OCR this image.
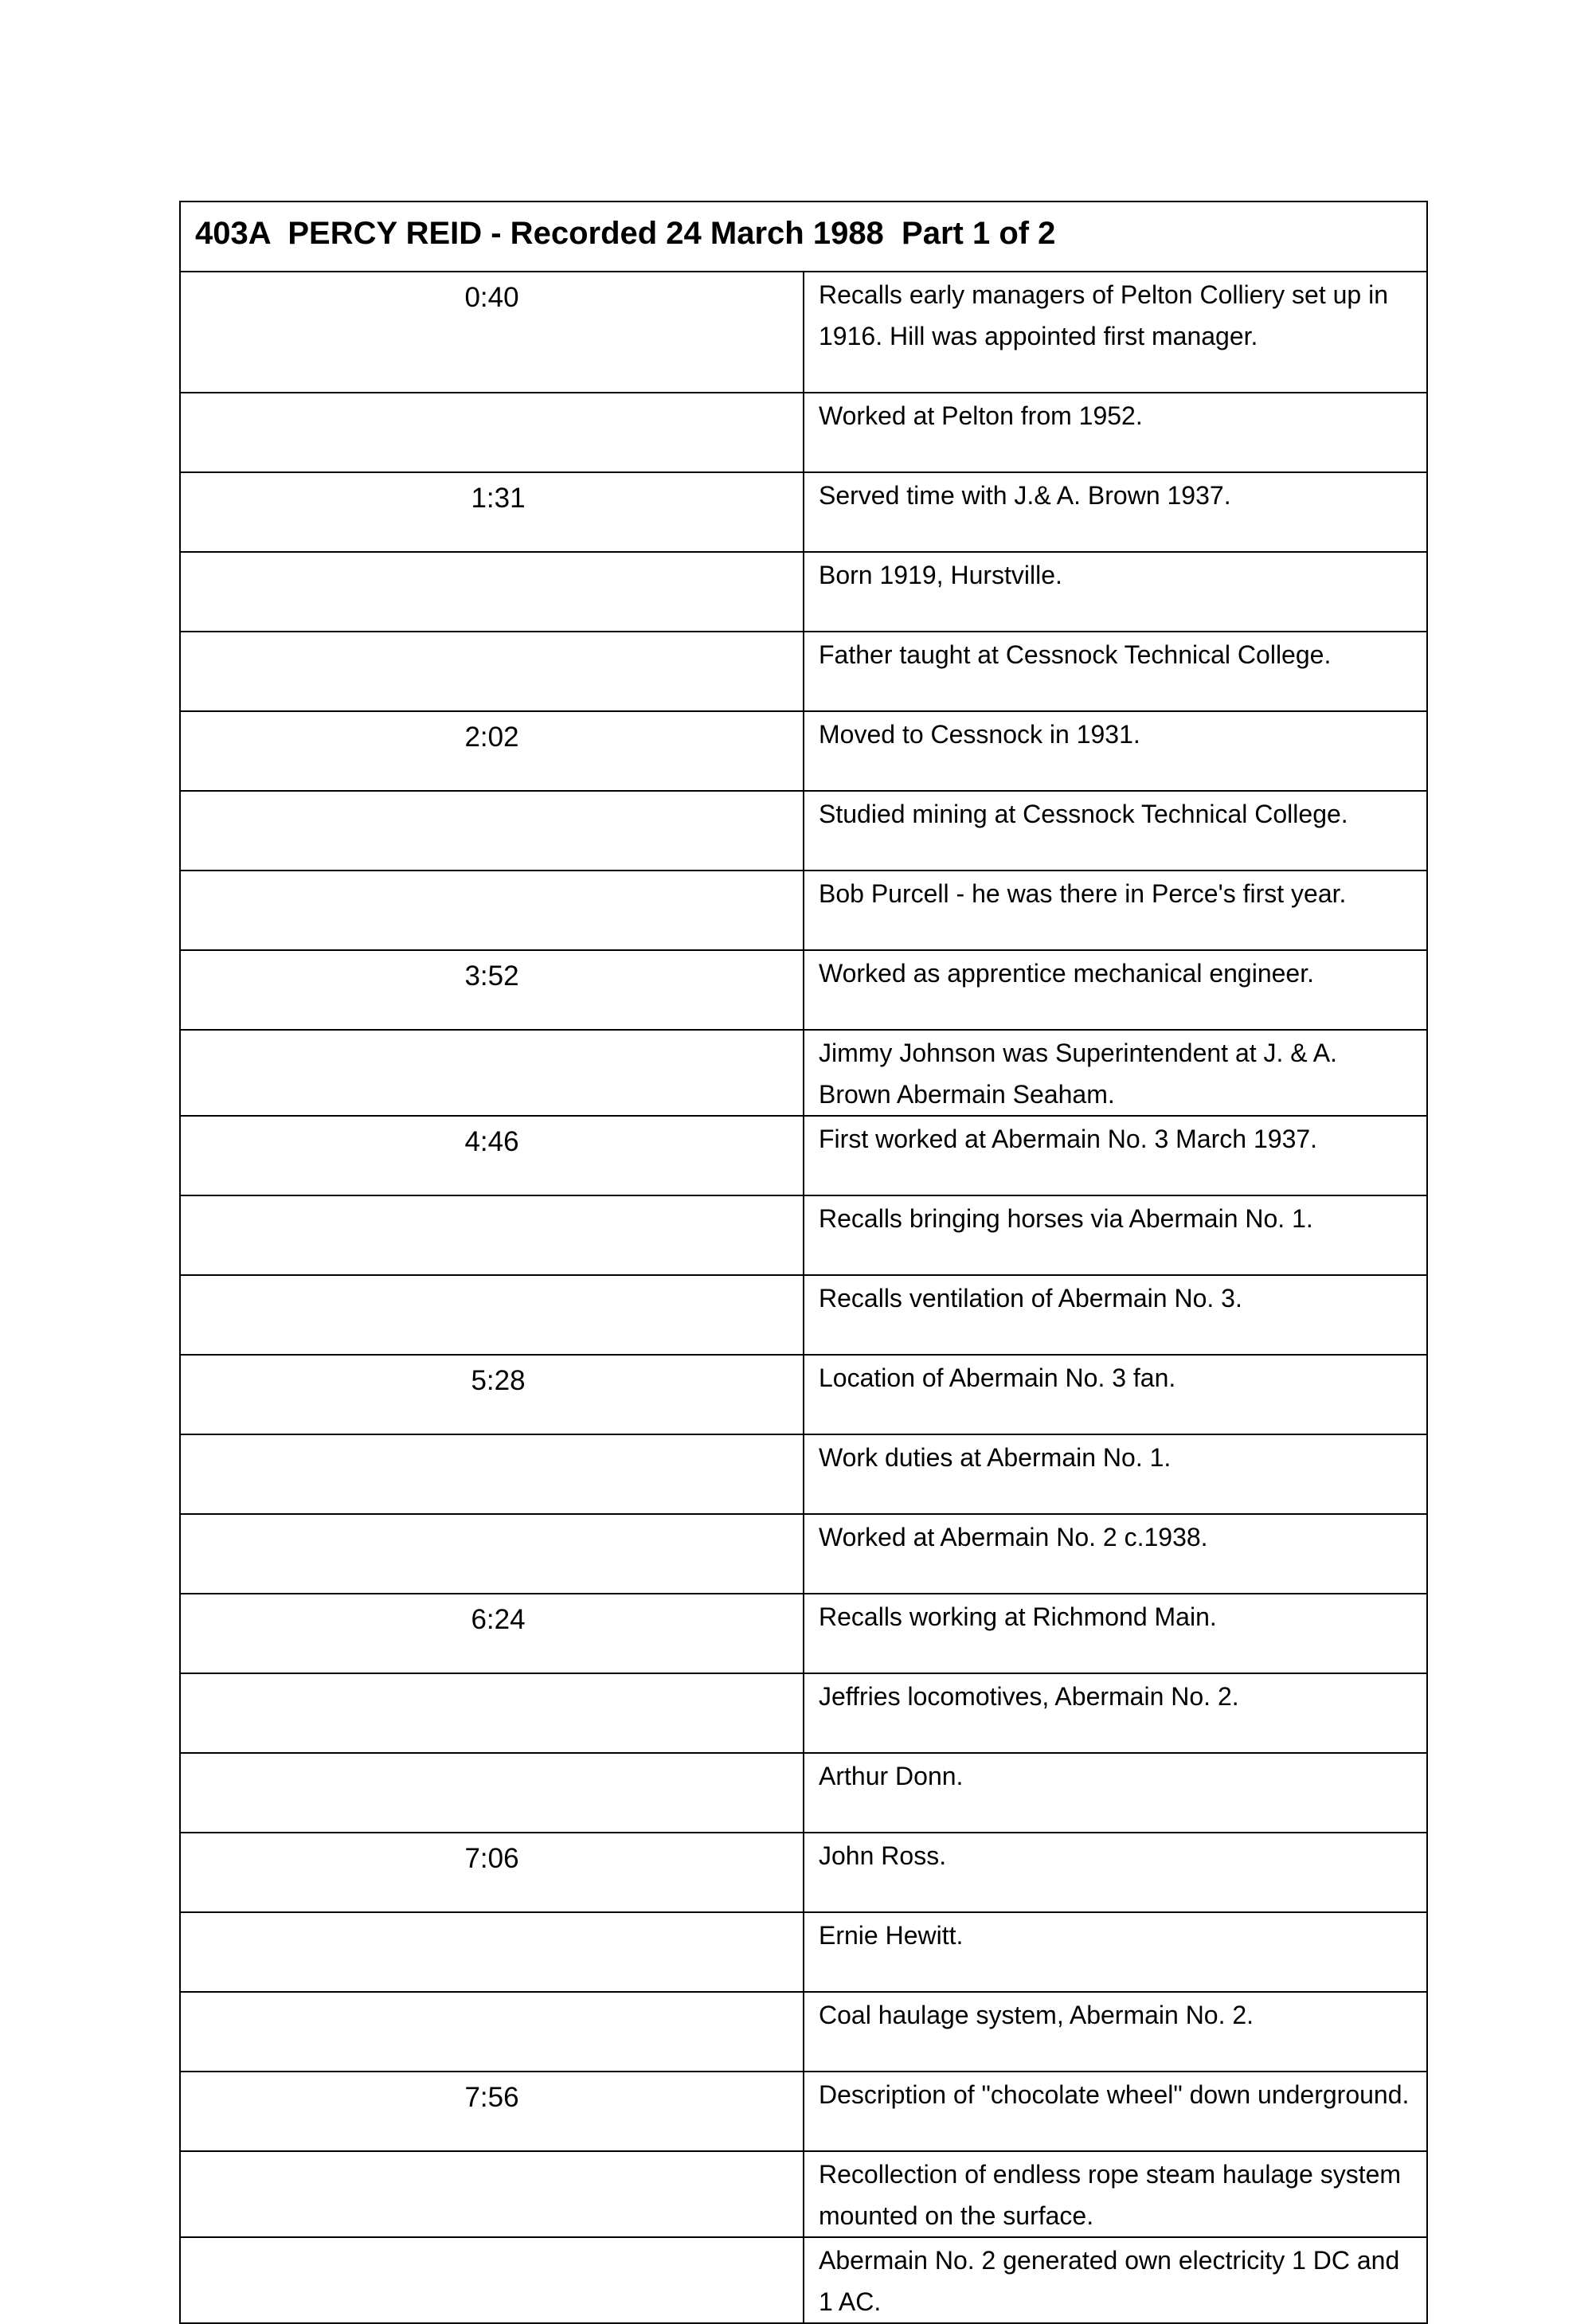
403A  PERCY REID - Recorded 24 March 1988  Part 1 of 2	
0:40	Recalls early managers of Pelton Colliery set up in 1916. Hill was appointed first manager.
	Worked at Pelton from 1952.
1:31	Served time with J.& A. Brown 1937.
	Born 1919, Hurstville.
	Father taught at Cessnock Technical College.
2:02	Moved to Cessnock in 1931.
	Studied mining at Cessnock Technical College.
	Bob Purcell - he was there in Perce's first year.
3:52	Worked as apprentice mechanical engineer.
	Jimmy Johnson was Superintendent at J. & A. Brown Abermain Seaham.
4:46	First worked at Abermain No. 3 March 1937.
	Recalls bringing horses via Abermain No. 1.
	Recalls ventilation of Abermain No. 3.
5:28	Location of Abermain No. 3 fan.
	Work duties at Abermain No. 1.
	Worked at Abermain No. 2 c.1938.
6:24	Recalls working at Richmond Main.
	Jeffries locomotives, Abermain No. 2.
	Arthur Donn.
7:06	John Ross.
	Ernie Hewitt.
	Coal haulage system, Abermain No. 2.
7:56	Description of "chocolate wheel" down underground.
	Recollection of endless rope steam haulage system mounted on the surface.
	Abermain No. 2 generated own electricity 1 DC and 1 AC.
